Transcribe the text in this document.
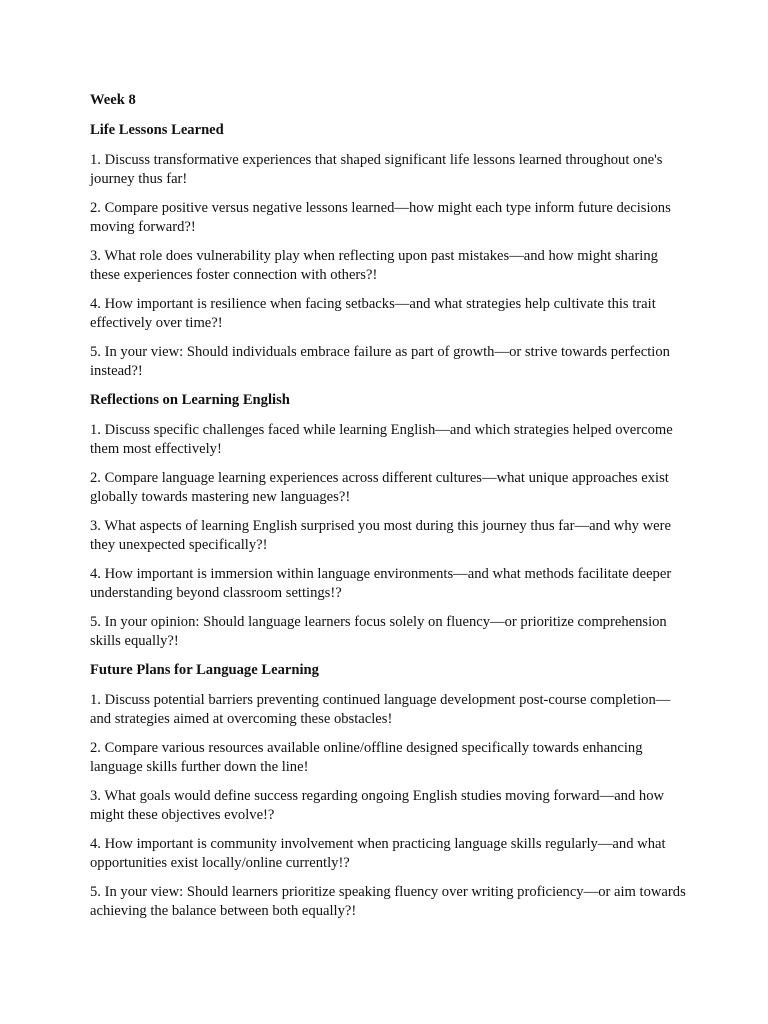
Week 8

Life Lessons Learned

1. Discuss transformative experiences that shaped significant life lessons learned throughout one's journey thus far!

2. Compare positive versus negative lessons learned—how might each type inform future decisions moving forward?!

3. What role does vulnerability play when reflecting upon past mistakes—and how might sharing these experiences foster connection with others?!

4. How important is resilience when facing setbacks—and what strategies help cultivate this trait effectively over time?!

5. In your view: Should individuals embrace failure as part of growth—or strive towards perfection instead?!

Reflections on Learning English

1. Discuss specific challenges faced while learning English—and which strategies helped overcome them most effectively!

2. Compare language learning experiences across different cultures—what unique approaches exist globally towards mastering new languages?!

3. What aspects of learning English surprised you most during this journey thus far—and why were they unexpected specifically?!

4. How important is immersion within language environments—and what methods facilitate deeper understanding beyond classroom settings!?

5. In your opinion: Should language learners focus solely on fluency—or prioritize comprehension skills equally?!

Future Plans for Language Learning

1. Discuss potential barriers preventing continued language development post-course completion—and strategies aimed at overcoming these obstacles!

2. Compare various resources available online/offline designed specifically towards enhancing language skills further down the line!

3. What goals would define success regarding ongoing English studies moving forward—and how might these objectives evolve!?

4. How important is community involvement when practicing language skills regularly—and what opportunities exist locally/online currently!?

5. In your view: Should learners prioritize speaking fluency over writing proficiency—or aim towards achieving the balance between both equally?!
